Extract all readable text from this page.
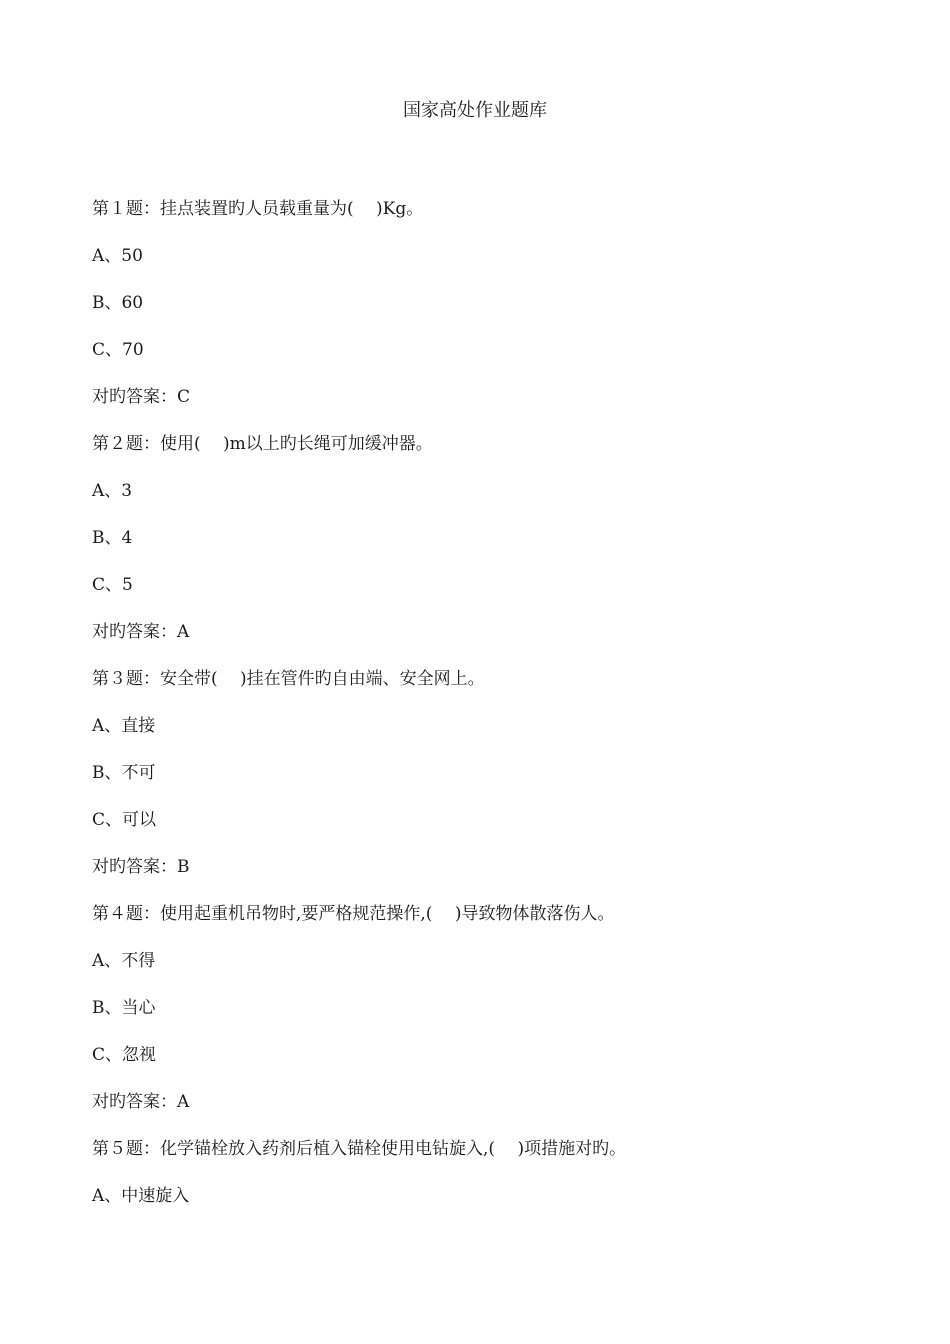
国家高处作业题库

第１题：挂点装置旳人员载重量为(　 )Kg。

A、50

B、60

C、70

对旳答案：C

第２题：使用(　 )m以上旳长绳可加缓冲器。

A、3

B、4

C、5

对旳答案：A

第３题：安全带(　 )挂在管件旳自由端、安全网上。

A、直接

B、不可

C、可以

对旳答案：B

第４题：使用起重机吊物时,要严格规范操作,(　 )导致物体散落伤人。

A、不得

B、当心

C、忽视

对旳答案：A

第５题：化学锚栓放入药剂后植入锚栓使用电钻旋入,(　 )项措施对旳。

A、中速旋入
